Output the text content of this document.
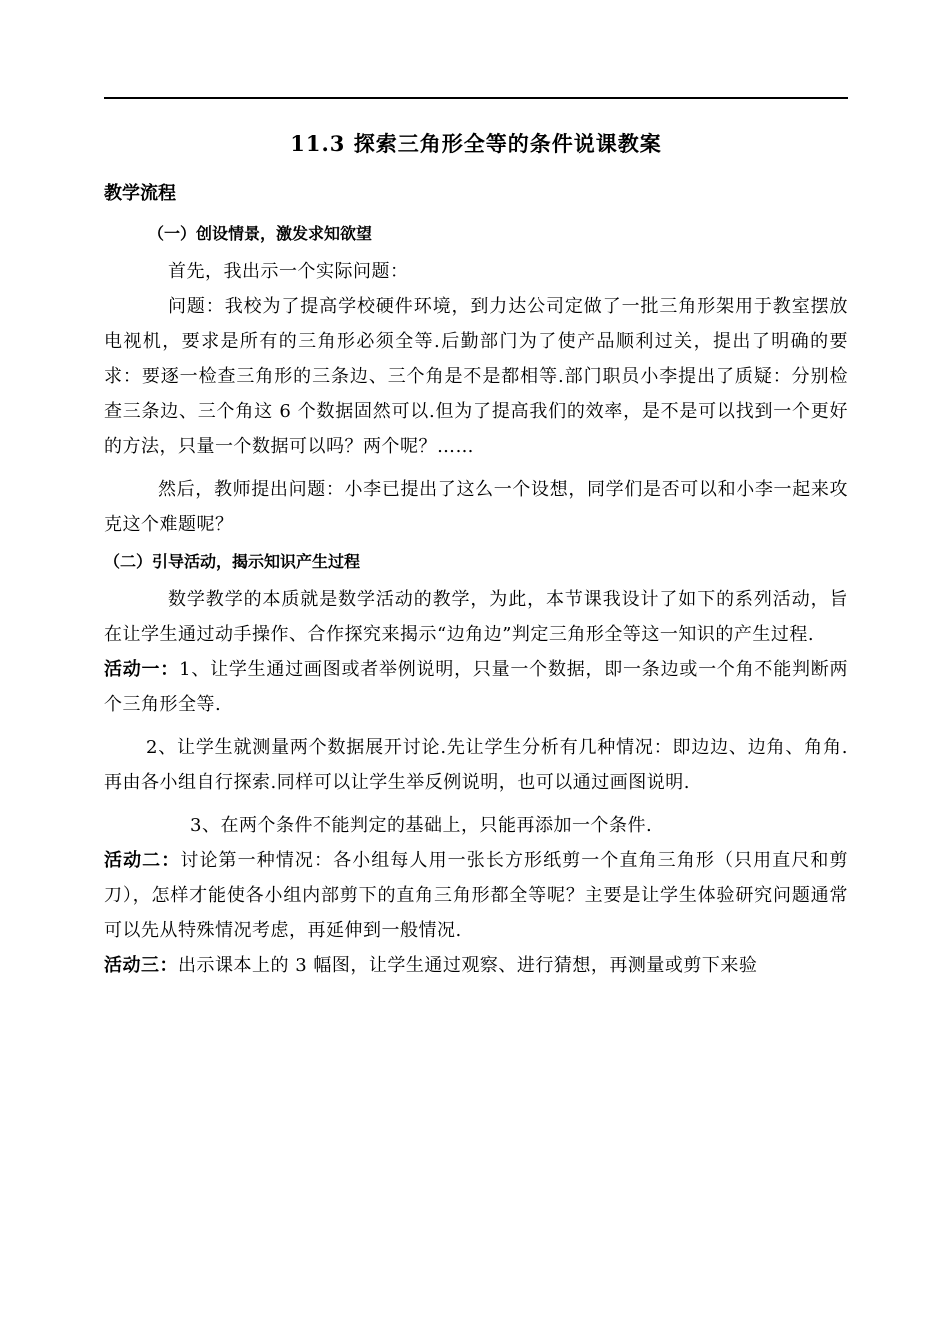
11.3 探索三角形全等的条件说课教案
教学流程
（一）创设情景，激发求知欲望

首先，我出示一个实际问题：

问题：我校为了提高学校硬件环境，到力达公司定做了一批三角形架用于教室摆放电视机，要求是所有的三角形必须全等.后勤部门为了使产品顺利过关，提出了明确的要求：要逐一检查三角形的三条边、三个角是不是都相等.部门职员小李提出了质疑：分别检查三条边、三个角这 6 个数据固然可以.但为了提高我们的效率，是不是可以找到一个更好的方法，只量一个数据可以吗？两个呢？……

然后，教师提出问题：小李已提出了这么一个设想，同学们是否可以和小李一起来攻克这个难题呢？

（二）引导活动，揭示知识产生过程

数学教学的本质就是数学活动的教学，为此，本节课我设计了如下的系列活动，旨在让学生通过动手操作、合作探究来揭示“边角边”判定三角形全等这一知识的产生过程.

活动一：1、让学生通过画图或者举例说明，只量一个数据，即一条边或一个角不能判断两个三角形全等.

2、让学生就测量两个数据展开讨论.先让学生分析有几种情况：即边边、边角、角角.再由各小组自行探索.同样可以让学生举反例说明，也可以通过画图说明.

3、在两个条件不能判定的基础上，只能再添加一个条件.

活动二：讨论第一种情况：各小组每人用一张长方形纸剪一个直角三角形（只用直尺和剪刀），怎样才能使各小组内部剪下的直角三角形都全等呢？主要是让学生体验研究问题通常可以先从特殊情况考虑，再延伸到一般情况.

活动三：出示课本上的 3 幅图，让学生通过观察、进行猜想，再测量或剪下来验
